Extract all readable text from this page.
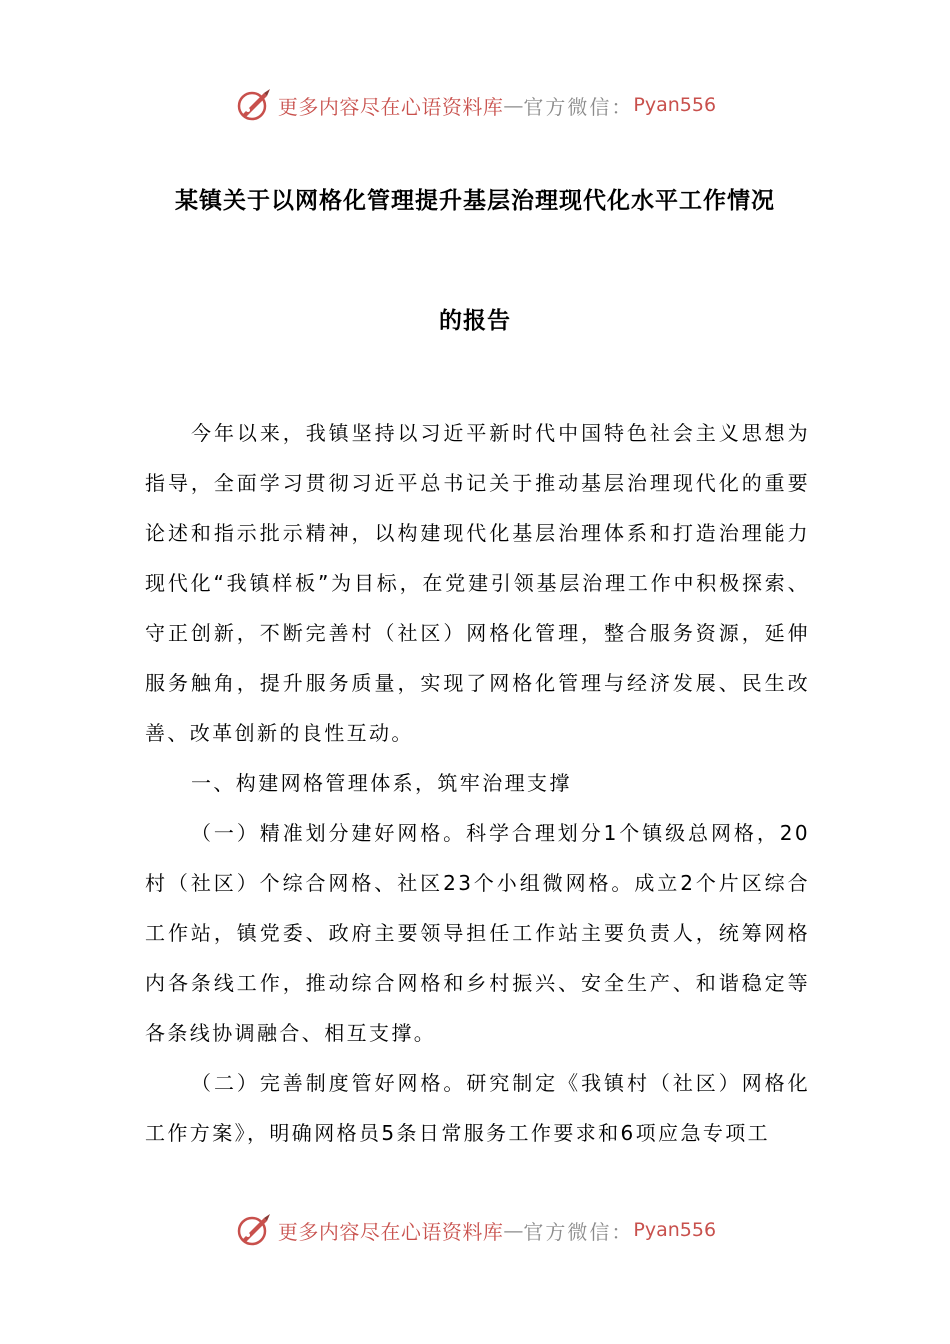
更多内容尽在心语资料库 — 官方微信： Pyan556
某镇关于以网格化管理提升基层治理现代化水平工作情况
的报告

今年以来，我镇坚持以习近平新时代中国特色社会主义思想为指导，全面学习贯彻习近平总书记关于推动基层治理现代化的重要论述和指示批示精神，以构建现代化基层治理体系和打造治理能力现代化“我镇样板”为目标，在党建引领基层治理工作中积极探索、守正创新，不断完善村（社区）网格化管理，整合服务资源，延伸服务触角，提升服务质量，实现了网格化管理与经济发展、民生改善、改革创新的良性互动。

一、构建网格管理体系，筑牢治理支撑

（一）精准划分建好网格。科学合理划分1个镇级总网格，20村（社区）个综合网格、社区23个小组微网格。成立2个片区综合工作站，镇党委、政府主要领导担任工作站主要负责人，统筹网格内各条线工作，推动综合网格和乡村振兴、安全生产、和谐稳定等各条线协调融合、相互支撑。

（二）完善制度管好网格。研究制定《我镇村（社区）网格化工作方案》，明确网格员5条日常服务工作要求和6项应急专项工

更多内容尽在心语资料库 — 官方微信： Pyan556
